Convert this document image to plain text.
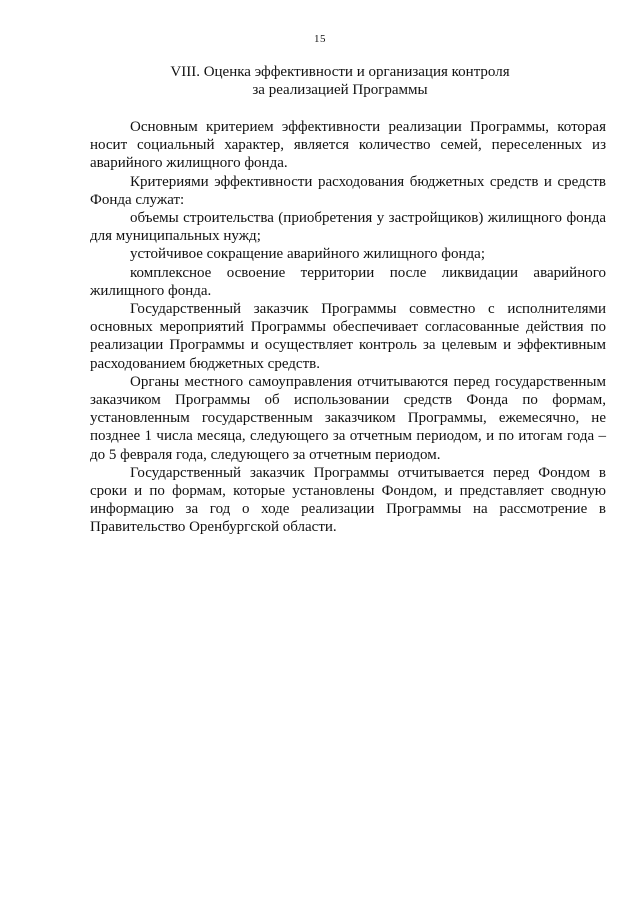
15
VIII. Оценка эффективности и организация контроля
за реализацией Программы

Основным критерием эффективности реализации Программы, которая носит социальный характер, является количество семей, переселенных из аварийного жилищного фонда.

Критериями эффективности расходования бюджетных средств и средств Фонда служат:

объемы строительства (приобретения у застройщиков) жилищного фонда для муниципальных нужд;

устойчивое сокращение аварийного жилищного фонда;

комплексное освоение территории после ликвидации аварийного жилищного фонда.

Государственный заказчик Программы совместно с исполнителями основных мероприятий Программы обеспечивает согласованные действия по реализации Программы и осуществляет контроль за целевым и эффективным расходованием бюджетных средств.

Органы местного самоуправления отчитываются перед государственным заказчиком Программы об использовании средств Фонда по формам, установленным государственным заказчиком Программы, ежемесячно, не позднее 1 числа месяца, следующего за отчетным периодом, и по итогам года – до 5 февраля года, следующего за отчетным периодом.

Государственный заказчик Программы отчитывается перед Фондом в сроки и по формам, которые установлены Фондом, и представляет сводную информацию за год о ходе реализации Программы на рассмотрение в Правительство Оренбургской области.
